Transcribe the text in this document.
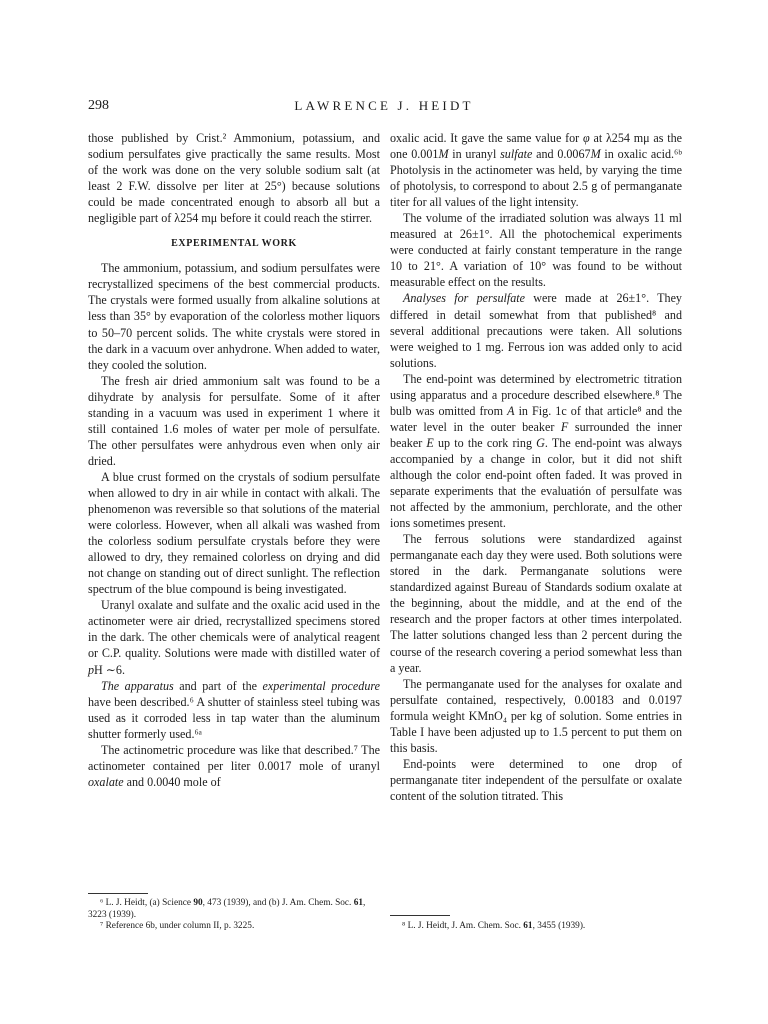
298	LAWRENCE J. HEIDT

those published by Crist.² Ammonium, potassium, and sodium persulfates give practically the same results. Most of the work was done on the very soluble sodium salt (at least 2 F.W. dissolve per liter at 25°) because solutions could be made concentrated enough to absorb all but a negligible part of λ254 mμ before it could reach the stirrer.

EXPERIMENTAL WORK

The ammonium, potassium, and sodium persulfates were recrystallized specimens of the best commercial products. The crystals were formed usually from alkaline solutions at less than 35° by evaporation of the colorless mother liquors to 50–70 percent solids. The white crystals were stored in the dark in a vacuum over anhydrone. When added to water, they cooled the solution.

The fresh air dried ammonium salt was found to be a dihydrate by analysis for persulfate. Some of it after standing in a vacuum was used in experiment 1 where it still contained 1.6 moles of water per mole of persulfate. The other persulfates were anhydrous even when only air dried.

A blue crust formed on the crystals of sodium persulfate when allowed to dry in air while in contact with alkali. The phenomenon was reversible so that solutions of the material were colorless. However, when all alkali was washed from the colorless sodium persulfate crystals before they were allowed to dry, they remained colorless on drying and did not change on standing out of direct sunlight. The reflection spectrum of the blue compound is being investigated.

Uranyl oxalate and sulfate and the oxalic acid used in the actinometer were air dried, recrystallized specimens stored in the dark. The other chemicals were of analytical reagent or C.P. quality. Solutions were made with distilled water of pH ∼6.

The apparatus and part of the experimental procedure have been described.⁶ A shutter of stainless steel tubing was used as it corroded less in tap water than the aluminum shutter formerly used.⁶ᵃ

The actinometric procedure was like that described.⁷ The actinometer contained per liter 0.0017 mole of uranyl oxalate and 0.0040 mole of

⁶ L. J. Heidt, (a) Science 90, 473 (1939), and (b) J. Am. Chem. Soc. 61, 3223 (1939).

⁷ Reference 6b, under column II, p. 3225.

oxalic acid. It gave the same value for φ at λ254 mμ as the one 0.001M in uranyl sulfate and 0.0067M in oxalic acid.⁶ᵇ Photolysis in the actinometer was held, by varying the time of photolysis, to correspond to about 2.5 g of permanganate titer for all values of the light intensity.

The volume of the irradiated solution was always 11 ml measured at 26±1°. All the photochemical experiments were conducted at fairly constant temperature in the range 10 to 21°. A variation of 10° was found to be without measurable effect on the results.

Analyses for persulfate were made at 26±1°. They differed in detail somewhat from that published⁸ and several additional precautions were taken. All solutions were weighed to 1 mg. Ferrous ion was added only to acid solutions.

The end-point was determined by electrometric titration using apparatus and a procedure described elsewhere.⁸ The bulb was omitted from A in Fig. 1c of that article⁸ and the water level in the outer beaker F surrounded the inner beaker E up to the cork ring G. The end-point was always accompanied by a change in color, but it did not shift although the color end-point often faded. It was proved in separate experiments that the evaluatión of persulfate was not affected by the ammonium, perchlorate, and the other ions sometimes present.

The ferrous solutions were standardized against permanganate each day they were used. Both solutions were stored in the dark. Permanganate solutions were standardized against Bureau of Standards sodium oxalate at the beginning, about the middle, and at the end of the research and the proper factors at other times interpolated. The latter solutions changed less than 2 percent during the course of the research covering a period somewhat less than a year.

The permanganate used for the analyses for oxalate and persulfate contained, respectively, 0.00183 and 0.0197 formula weight KMnO₄ per kg of solution. Some entries in Table I have been adjusted up to 1.5 percent to put them on this basis.

End-points were determined to one drop of permanganate titer independent of the persulfate or oxalate content of the solution titrated. This

⁸ L. J. Heidt, J. Am. Chem. Soc. 61, 3455 (1939).
